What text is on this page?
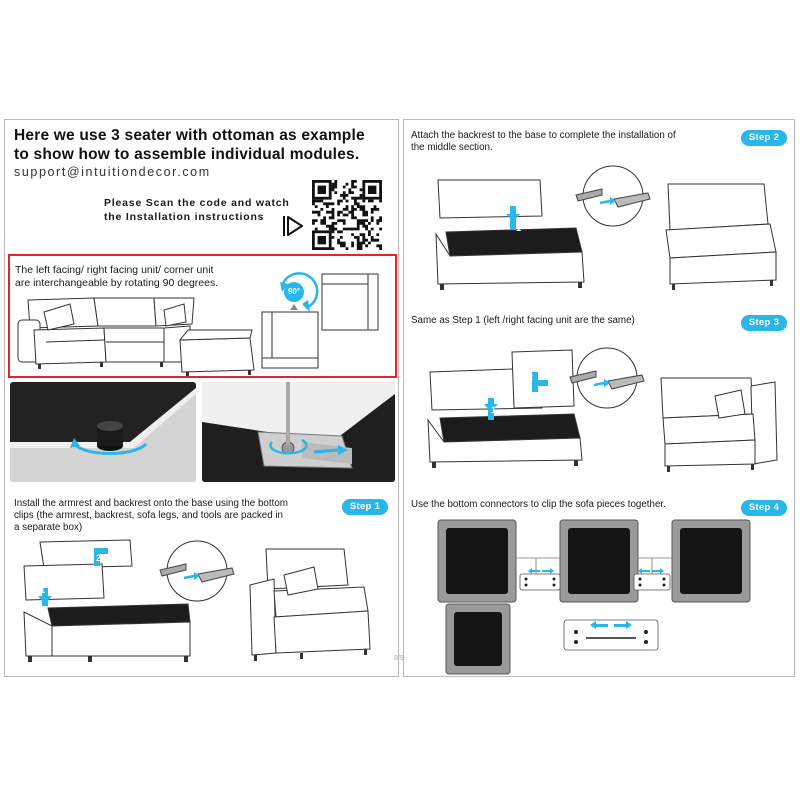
Here we use 3 seater with ottoman as example
to show how to assemble individual modules.
support@intuitiondecor.com
Please Scan the code and watch
the Installation instructions
The left facing/ right facing unit/ corner unit
are interchangeable by rotating 90 degrees.
90°
Step 1
Install the armrest and backrest onto the base using the bottom
clips (the armrest, backrest, sofa legs, and tools are packed in
a separate box)
1
2
Step 2
Attach the backrest to the base to complete the installation of
the middle section.
1
Step 3
Same as Step 1 (left /right facing unit are the same)
1
2
Step 4
Use the bottom connectors to clip the sofa pieces together.
8/9
